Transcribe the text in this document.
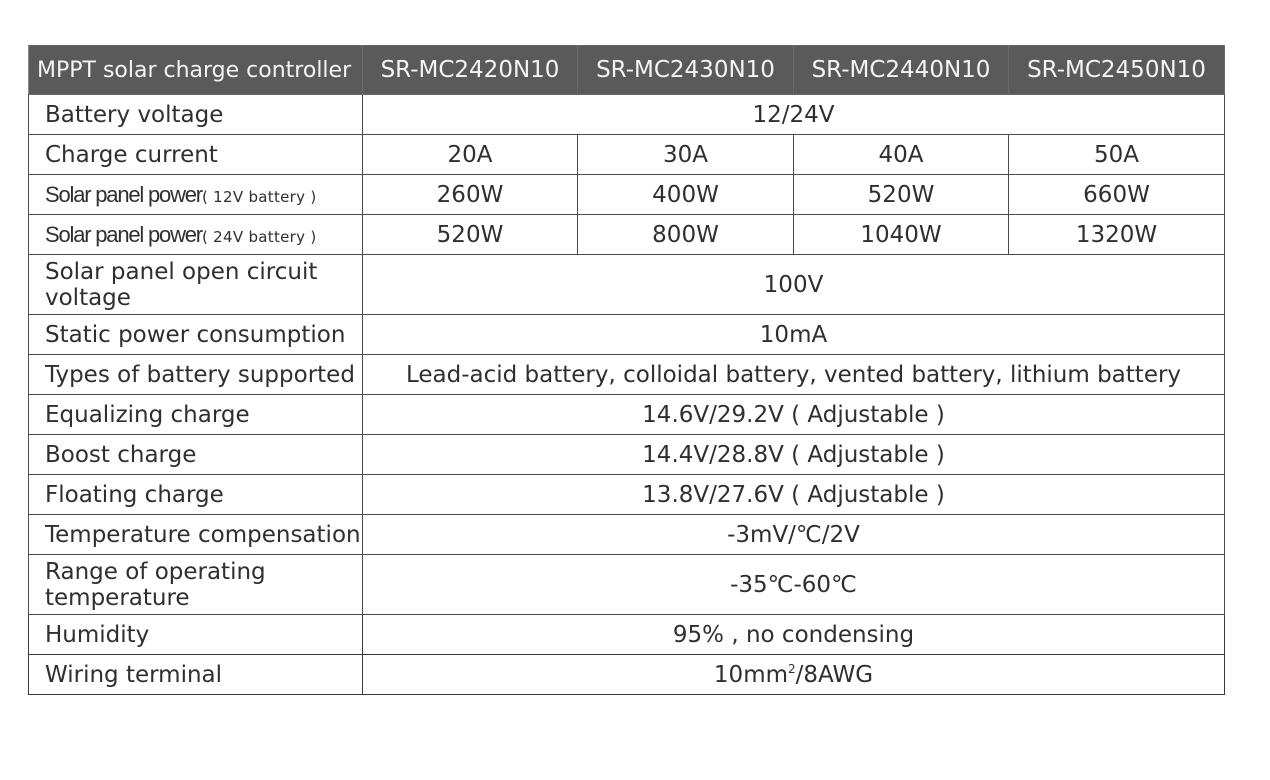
MPPT solar charge controller	SR-MC2420N10	SR-MC2430N10	SR-MC2440N10	SR-MC2450N10
Battery voltage	12/24V			
Charge current	20A	30A	40A	50A
Solar panel power( 12V battery )	260W	400W	520W	660W
Solar panel power( 24V battery )	520W	800W	1040W	1320W
Solar panel open circuit voltage	100V			
Static power consumption	10mA			
Types of battery supported	Lead-acid battery, colloidal battery, vented battery, lithium battery			
Equalizing charge	14.6V/29.2V ( Adjustable )			
Boost charge	14.4V/28.8V ( Adjustable )			
Floating charge	13.8V/27.6V ( Adjustable )			
Temperature compensation	-3mV/℃/2V			
Range of operating temperature	-35℃-60℃			
Humidity	95% , no condensing			
Wiring terminal	$10mm^2/8AWG$			
